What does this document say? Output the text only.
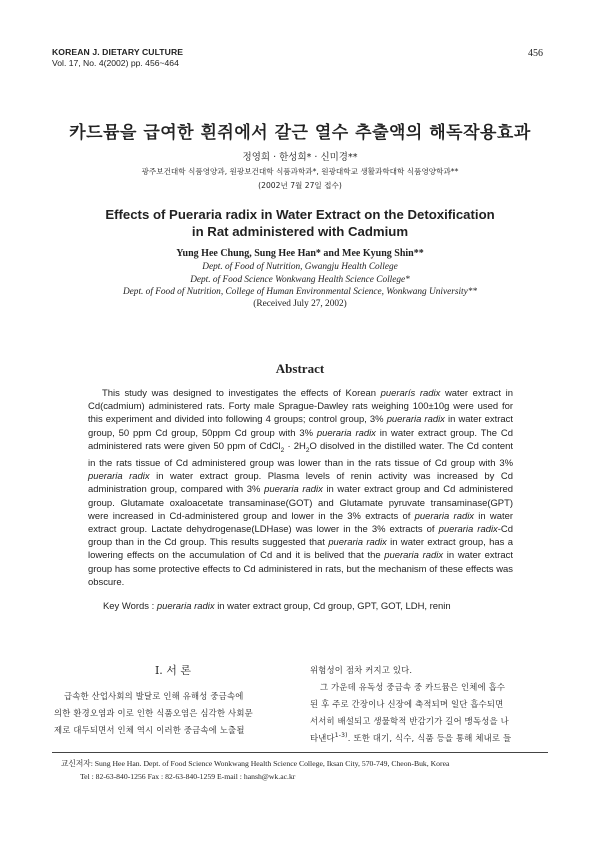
KOREAN J. DIETARY CULTURE
Vol. 17, No. 4(2002) pp. 456~464
456
카드뮴을 급여한 흰쥐에서 갈근 열수 추출액의 해독작용효과
정영희 · 한성희* · 신미경**
광주보건대학 식품영양과, 원광보건대학 식품과학과*, 원광대학교 생활과학대학 식품영양학과**
(2002년 7월 27일 접수)
Effects of Pueraria radix in Water Extract on the Detoxification
in Rat administered with Cadmium
Yung Hee Chung, Sung Hee Han* and Mee Kyung Shin**
Dept. of Food of Nutrition, Gwangju Health College
Dept. of Food Science Wonkwang Health Science College*
Dept. of Food of Nutrition, College of Human Environmental Science, Wonkwang University**
(Received July 27, 2002)
Abstract

This study was designed to investigates the effects of Korean puerarís radix water extract in Cd(cadmium) administered rats. Forty male Sprague-Dawley rats weighing 100±10g were used for this experiment and divided into following 4 groups; control group, 3% pueraria radix in water extract group, 50 ppm Cd group, 50ppm Cd group with 3% pueraria radix in water extract group. The Cd administered rats were given 50 ppm of CdCl$_2$ · $2H_2O$ disolved in the distilled water. The Cd content in the rats tissue of Cd administered group was lower than in the rats tissue of Cd group with 3% pueraria radix in water extract group. Plasma levels of renin activity was increased by Cd administration group, compared with 3% pueraria radix in water extract group and Cd administered group. Glutamate oxaloacetate transaminase(GOT) and Glutamate pyruvate transaminase(GPT) were increased in Cd-administered group and lower in the 3% extracts of pueraria radix in water extract group. Lactate dehydrogenase(LDHase) was lower in the 3% extracts of pueraria radix-Cd group than in the Cd group. This results suggested that pueraria radix in water extract group, has a lowering effects on the accumulation of Cd and it is belived that the pueraria radix in water extract group has some protective effects to Cd administered in rats, but the mechanism of these effects was obscure.

Key Words : pueraria radix in water extract group, Cd group, GPT, GOT, LDH, renin
I. 서 론
급속한 산업사회의 발달로 인해 유해성 중금속에
의한 환경오염과 이로 인한 식품오염은 심각한 사회문
제로 대두되면서 인체 역시 이러한 중금속에 노출될
위험성이 점차 커지고 있다.
그 가운데 유독성 중금속 중 카드뮴은 인체에 흡수
된 후 주로 간장이나 신장에 축적되며 일단 흡수되면
서서히 배설되고 생물학적 반감기가 길어 맹독성을 나
타낸다$^{1-3)}$. 또한 대기, 식수, 식품 등을 통해 체내로 들
교신저자: Sung Hee Han. Dept. of Food Science Wonkwang Health Science College, Iksan City, 570-749, Cheon-Buk, Korea
Tel : 82-63-840-1256 Fax : 82-63-840-1259 E-mail : hansh@wk.ac.kr
